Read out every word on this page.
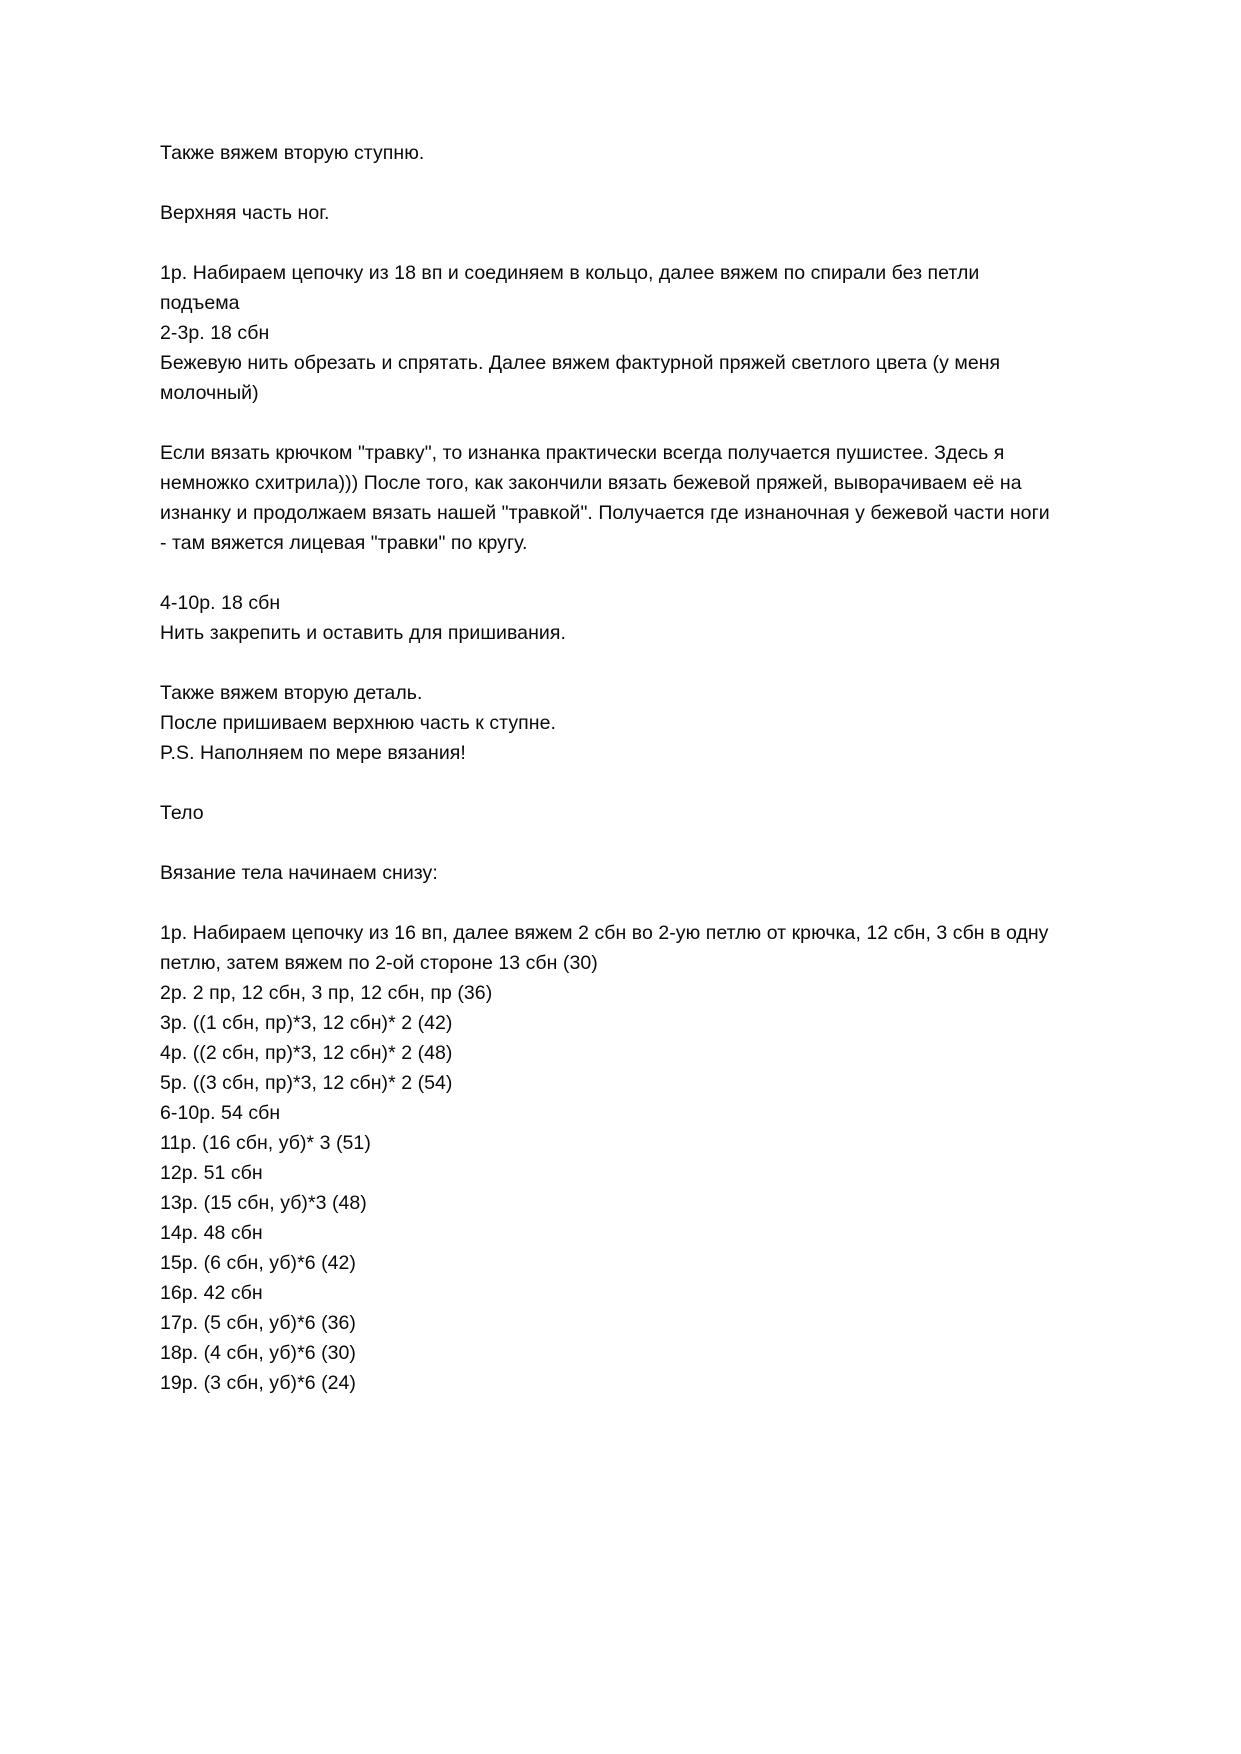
Также вяжем вторую ступню.

Верхняя часть ног.

1р. Набираем цепочку из 18 вп и соединяем в кольцо, далее вяжем по спирали без петли подъема

2-3р. 18 сбн

Бежевую нить обрезать и спрятать. Далее вяжем фактурной пряжей светлого цвета (у меня молочный)

Если вязать крючком "травку", то изнанка практически всегда получается пушистее. Здесь я немножко схитрила))) После того, как закончили вязать бежевой пряжей, выворачиваем её на изнанку и продолжаем вязать нашей "травкой". Получается где изнаночная у бежевой части ноги - там вяжется лицевая "травки" по кругу.

4-10р. 18 сбн

Нить закрепить и оставить для пришивания.

Также вяжем вторую деталь.

После пришиваем верхнюю часть к ступне.

P.S. Наполняем по мере вязания!

Тело

Вязание тела начинаем снизу:

1р. Набираем цепочку из 16 вп, далее вяжем 2 сбн во 2-ую петлю от крючка, 12 сбн, 3 сбн в одну петлю, затем вяжем по 2-ой стороне 13 сбн (30)

2р. 2 пр, 12 сбн, 3 пр, 12 сбн, пр (36)

3р. ((1 сбн, пр)*3, 12 сбн)* 2 (42)

4р. ((2 сбн, пр)*3, 12 сбн)* 2 (48)

5р. ((3 сбн, пр)*3, 12 сбн)* 2 (54)

6-10р. 54 сбн

11р. (16 сбн, уб)* 3 (51)

12р. 51 сбн

13р. (15 сбн, уб)*3 (48)

14р. 48 сбн

15р. (6 сбн, уб)*6 (42)

16р. 42 сбн

17р. (5 сбн, уб)*6 (36)

18р. (4 сбн, уб)*6 (30)

19р. (3 сбн, уб)*6 (24)
